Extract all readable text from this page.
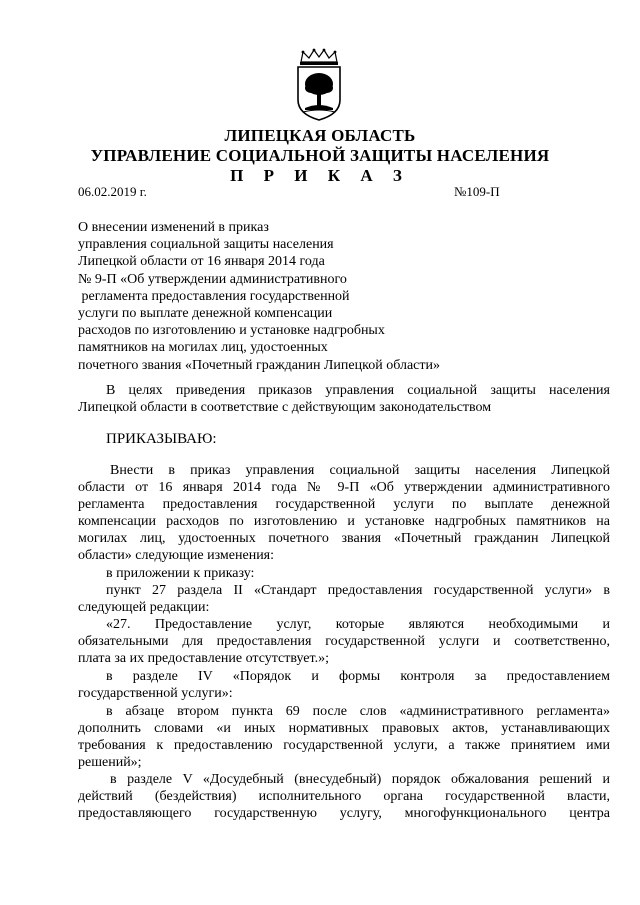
ЛИПЕЦКАЯ ОБЛАСТЬ
УПРАВЛЕНИЕ СОЦИАЛЬНОЙ ЗАЩИТЫ НАСЕЛЕНИЯ
П Р И К А З
06.02.2019 г.	№109-П
О внесении изменений в приказ
управления социальной защиты населения
Липецкой области от 16 января 2014 года
№ 9-П «Об утверждении административного
регламента предоставления государственной
услуги по выплате денежной компенсации
расходов по изготовлению и установке надгробных
памятников на могилах лиц, удостоенных
почетного звания «Почетный гражданин Липецкой области»
В целях приведения приказов управления социальной защиты населения
Липецкой области в соответствие с действующим законодательством
ПРИКАЗЫВАЮ:
Внести в приказ управления социальной защиты населения Липецкой
области от 16 января 2014 года № 9-П «Об утверждении административного
регламента предоставления государственной услуги по выплате денежной
компенсации расходов по изготовлению и установке надгробных памятников на
могилах лиц, удостоенных почетного звания «Почетный гражданин Липецкой
области» следующие изменения:
в приложении к приказу:
пункт 27 раздела II «Стандарт предоставления государственной услуги» в
следующей редакции:
«27. Предоставление услуг, которые являются необходимыми и
обязательными для предоставления государственной услуги и соответственно,
плата за их предоставление отсутствует.»;
в разделе IV «Порядок и формы контроля за предоставлением
государственной услуги»:
в абзаце втором пункта 69 после слов «административного регламента»
дополнить словами «и иных нормативных правовых актов, устанавливающих
требования к предоставлению государственной услуги, а также принятием ими
решений»;
в разделе V «Досудебный (внесудебный) порядок обжалования решений и
действий (бездействия) исполнительного органа государственной власти,
предоставляющего государственную услугу, многофункционального центра
